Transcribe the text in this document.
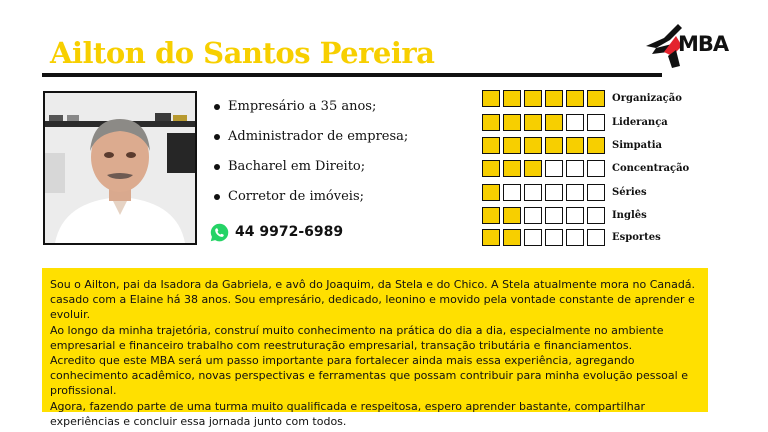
Ailton do Santos Pereira	MBA
Empresário a 35 anos;
Administrador de empresa;
Bacharel em Direito;
Corretor de imóveis;
44 9972-6989
Organização
Liderança
Simpatia
Concentração
Séries
Inglês
Esportes

Sou o Ailton, pai da Isadora da Gabriela, e avô do Joaquim, da Stela e do Chico. A Stela atualmente mora no Canadá. casado com a Elaine há 38 anos. Sou empresário, dedicado, leonino e movido pela vontade constante de aprender e evoluir.

Ao longo da minha trajetória, construí muito conhecimento na prática do dia a dia, especialmente no ambiente empresarial e financeiro trabalho com reestruturação empresarial, transação tributária e financiamentos.

Acredito que este MBA será um passo importante para fortalecer ainda mais essa experiência, agregando conhecimento acadêmico, novas perspectivas e ferramentas que possam contribuir para minha evolução pessoal e profissional.

Agora, fazendo parte de uma turma muito qualificada e respeitosa, espero aprender bastante, compartilhar experiências e concluir essa jornada junto com todos.
